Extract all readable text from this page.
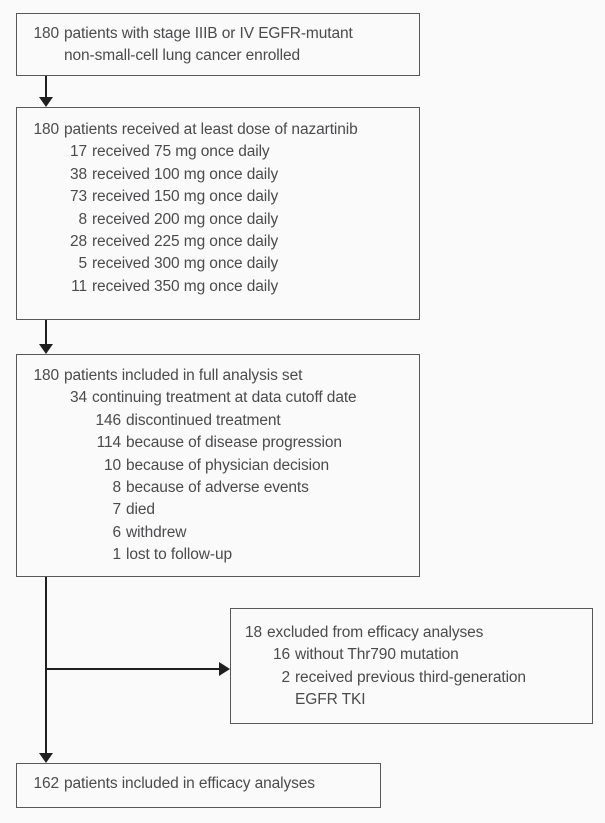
180 patients with stage IIIB or IV EGFR-mutant
non-small-cell lung cancer enrolled
180 patients received at least dose of nazartinib
17 received 75 mg once daily
38 received 100 mg once daily
73 received 150 mg once daily
8 received 200 mg once daily
28 received 225 mg once daily
5 received 300 mg once daily
11 received 350 mg once daily
180 patients included in full analysis set
34 continuing treatment at data cutoff date
146 discontinued treatment
114 because of disease progression
10 because of physician decision
8 because of adverse events
7 died
6 withdrew
1 lost to follow-up
18 excluded from efficacy analyses
16 without Thr790 mutation
2 received previous third-generation
EGFR TKI
162 patients included in efficacy analyses
